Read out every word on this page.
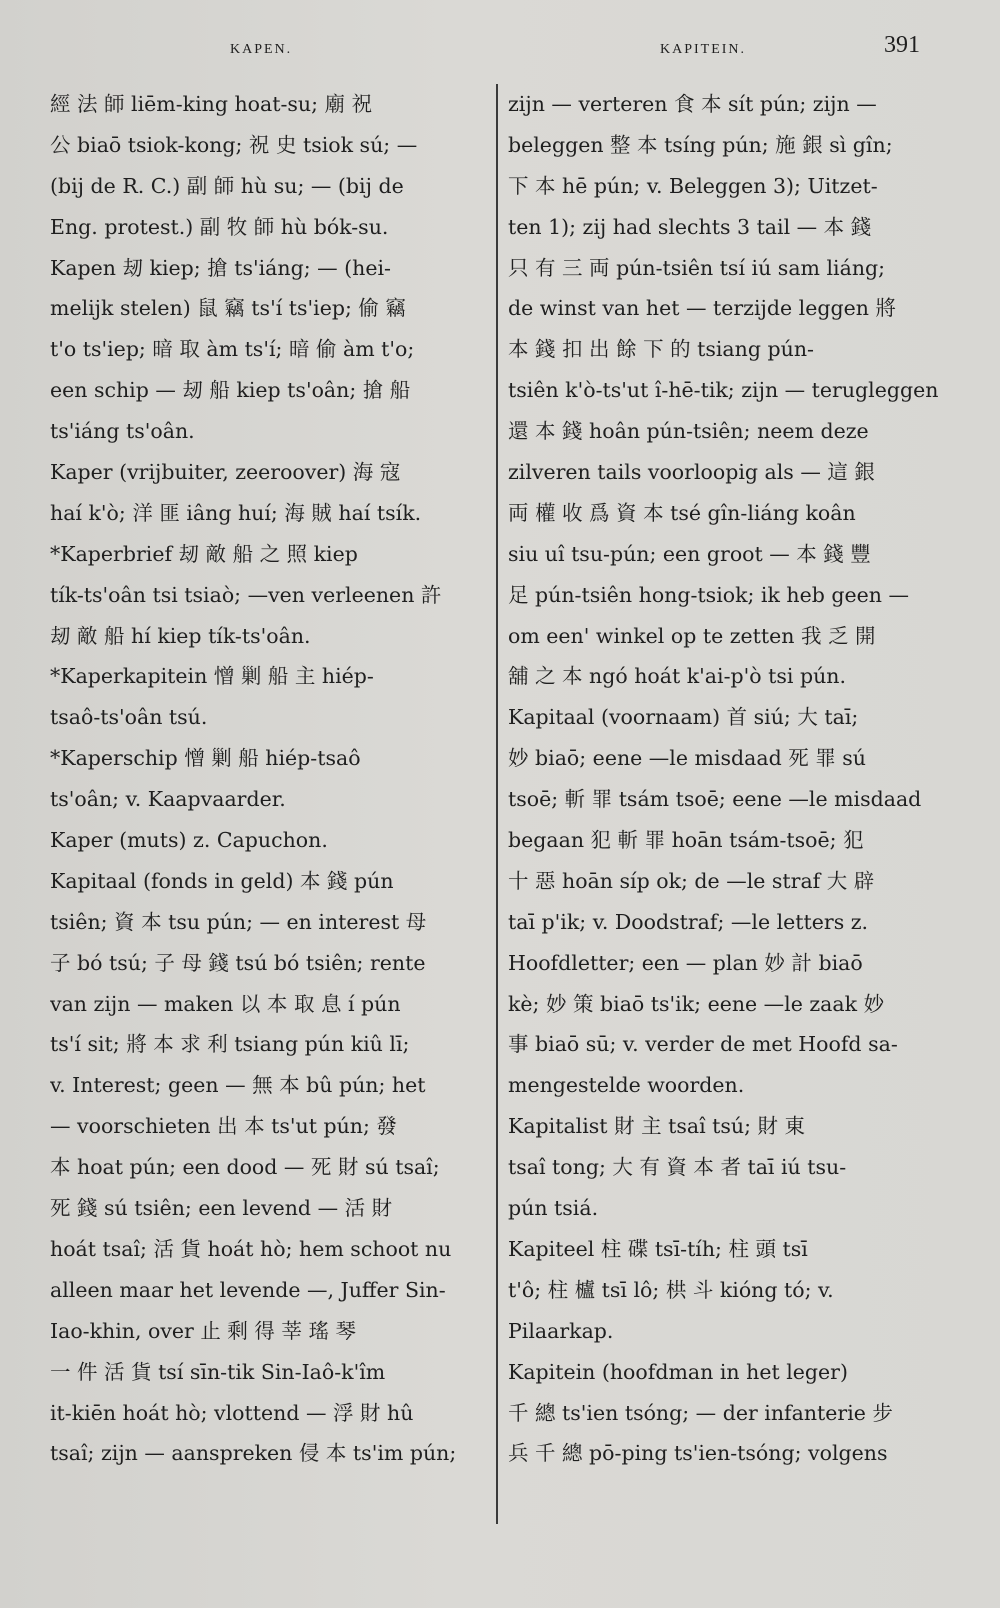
KAPEN.	KAPITEIN.	391
經 法 師 liēm-king hoat-su; 廟 祝
公 biaō tsiok-kong; 祝 史 tsiok sú; —
(bij de R. C.) 副 師 hù su; — (bij de
Eng. protest.) 副 牧 師 hù bók-su.
Kapen 刼 kiep; 搶 ts'iáng; — (hei-
melijk stelen) 鼠 竊 ts'í ts'iep; 偷 竊
t'o ts'iep; 暗 取 àm ts'í; 暗 偷 àm t'o;
een schip — 刼 船 kiep ts'oân; 搶 船
ts'iáng ts'oân.
Kaper (vrijbuiter, zeeroover) 海 寇
haí k'ò; 洋 匪 iâng huí; 海 賊 haí tsík.
*Kaperbrief 刼 敵 船 之 照 kiep
tík-ts'oân tsi tsiaò; —ven verleenen 許
刼 敵 船 hí kiep tík-ts'oân.
*Kaperkapitein 憎 剿 船 主 hiép-
tsaô-ts'oân tsú.
*Kaperschip 憎 剿 船 hiép-tsaô
ts'oân; v. Kaapvaarder.
Kaper (muts) z. Capuchon.
Kapitaal (fonds in geld) 本 錢 pún
tsiên; 資 本 tsu pún; — en interest 母
子 bó tsú; 子 母 錢 tsú bó tsiên; rente
van zijn — maken 以 本 取 息 í pún
ts'í sit; 將 本 求 利 tsiang pún kiû lī;
v. Interest; geen — 無 本 bû pún; het
— voorschieten 出 本 ts'ut pún; 發
本 hoat pún; een dood — 死 財 sú tsaî;
死 錢 sú tsiên; een levend — 活 財
hoát tsaî; 活 貨 hoát hò; hem schoot nu
alleen maar het levende —, Juffer Sin-
Iao-khin, over 止 剩 得 莘 瑤 琴
一 件 活 貨 tsí sīn-tik Sin-Iaô-k'îm
it-kiēn hoát hò; vlottend — 浮 財 hû
tsaî; zijn — aanspreken 侵 本 ts'im pún;
zijn — verteren 食 本 sít pún; zijn —
beleggen 整 本 tsíng pún; 施 銀 sì gîn;
下 本 hē pún; v. Beleggen 3); Uitzet-
ten 1); zij had slechts 3 tail — 本 錢
只 有 三 両 pún-tsiên tsí iú sam liáng;
de winst van het — terzijde leggen 將
本 錢 扣 出 餘 下 的 tsiang pún-
tsiên k'ò-ts'ut î-hē-tik; zijn — terugleggen
還 本 錢 hoân pún-tsiên; neem deze
zilveren tails voorloopig als — 這 銀
両 權 收 爲 資 本 tsé gîn-liáng koân
siu uî tsu-pún; een groot — 本 錢 豐
足 pún-tsiên hong-tsiok; ik heb geen —
om een' winkel op te zetten 我 乏 開
舖 之 本 ngó hoát k'ai-p'ò tsi pún.
Kapitaal (voornaam) 首 siú; 大 taī;
妙 biaō; eene —le misdaad 死 罪 sú
tsoē; 斬 罪 tsám tsoē; eene —le misdaad
begaan 犯 斬 罪 hoān tsám-tsoē; 犯
十 惡 hoān síp ok; de —le straf 大 辟
taī p'ik; v. Doodstraf; —le letters z.
Hoofdletter; een — plan 妙 計 biaō
kè; 妙 策 biaō ts'ik; eene —le zaak 妙
事 biaō sū; v. verder de met Hoofd sa-
mengestelde woorden.
Kapitalist 財 主 tsaî tsú; 財 東
tsaî tong; 大 有 資 本 者 taī iú tsu-
pún tsiá.
Kapiteel 柱 碟 tsī-tíh; 柱 頭 tsī
t'ô; 柱 櫨 tsī lô; 栱 斗 kióng tó; v.
Pilaarkap.
Kapitein (hoofdman in het leger)
千 總 ts'ien tsóng; — der infanterie 步
兵 千 總 pō-ping ts'ien-tsóng; volgens
